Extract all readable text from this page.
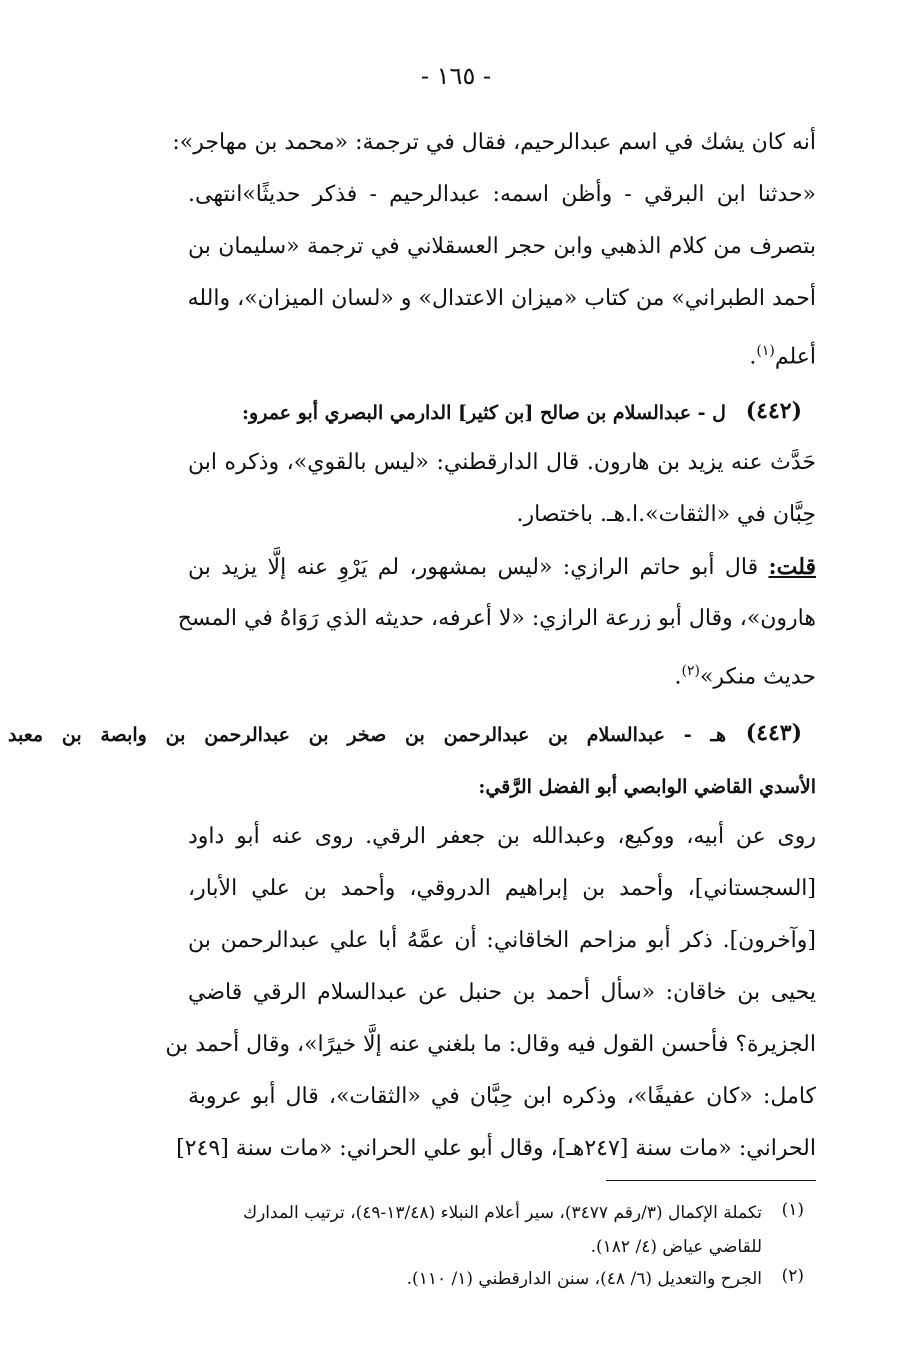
- ١٦٥ -
أنه كان يشك في اسم عبدالرحيم، فقال في ترجمة: «محمد بن مهاجر»:
«حدثنا ابن البرقي - وأظن اسمه: عبدالرحيم - فذكر حديثًا»انتهى.
بتصرف من كلام الذهبي وابن حجر العسقلاني في ترجمة «سليمان بن
أحمد الطبراني» من كتاب «ميزان الاعتدال» و «لسان الميزان»، والله
أعلم$^{(١)}$.
(٤٤٢)
ل - عبدالسلام بن صالح [بن كثير] الدارمي البصري أبو عمرو:
حَدَّث عنه يزيد بن هارون. قال الدارقطني: «ليس بالقوي»، وذكره ابن
حِبَّان في «الثقات».ا.هـ. باختصار.
قلت: قال أبو حاتم الرازي: «ليس بمشهور، لم يَرْوِ عنه إلَّا يزيد بن
هارون»، وقال أبو زرعة الرازي: «لا أعرفه، حديثه الذي رَوَاهُ في المسح
حديث منكر»$^{(٢)}$.
(٤٤٣)
هـ - عبدالسلام بن عبدالرحمن بن صخر بن عبدالرحمن بن وابصة بن معبد
الأسدي القاضي الوابصي أبو الفضل الرَّقي:
روى عن أبيه، ووكيع، وعبدالله بن جعفر الرقي. روى عنه أبو داود
[السجستاني]، وأحمد بن إبراهيم الدروقي، وأحمد بن علي الأبار،
[وآخرون]. ذكر أبو مزاحم الخاقاني: أن عمَّهُ أبا علي عبدالرحمن بن
يحيى بن خاقان: «سأل أحمد بن حنبل عن عبدالسلام الرقي قاضي
الجزيرة؟ فأحسن القول فيه وقال: ما بلغني عنه إلَّا خيرًا»، وقال أحمد بن
كامل: «كان عفيفًا»، وذكره ابن حِبَّان في «الثقات»، قال أبو عروبة
الحراني: «مات سنة [٢٤٧هـ]، وقال أبو علي الحراني: «مات سنة [٢٤٩]
(١)
تكملة الإكمال (٣/رقم ٣٤٧٧)، سير أعلام النبلاء (١٣/٤٨-٤٩)، ترتيب المدارك
للقاضي عياض (٤/ ١٨٢).
(٢)
الجرح والتعديل (٦/ ٤٨)، سنن الدارقطني (١/ ١١٠).
